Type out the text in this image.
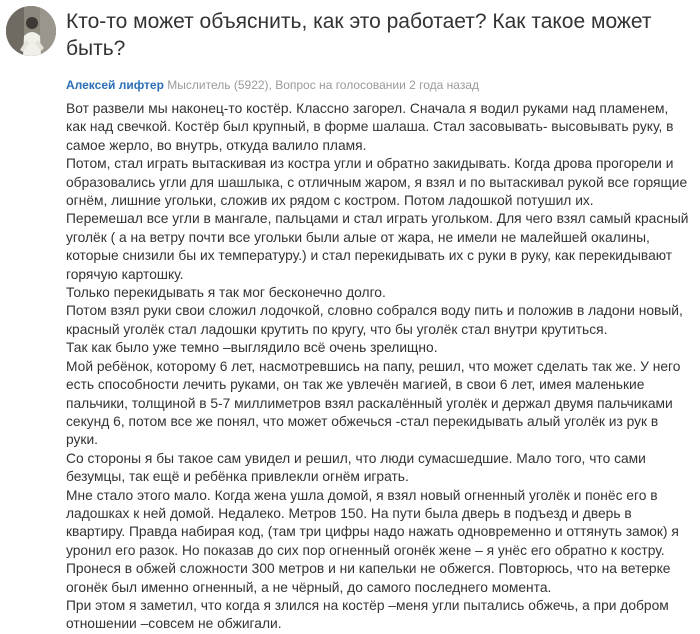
Кто-то может объяснить, как это работает? Как такое может быть?
Алексей лифтер Мыслитель (5922), Вопрос на голосовании 2 года назад

Вот развели мы наконец-то костёр. Классно загорел. Сначала я водил руками над пламенем, как над свечкой. Костёр был крупный, в форме шалаша. Стал засовывать- высовывать руку, в самое жерло, во внутрь, откуда валило пламя.

Потом, стал играть вытаскивая из костра угли и обратно закидывать. Когда дрова прогорели и образовались угли для шашлыка, с отличным жаром, я взял и по вытаскивал рукой все горящие огнём, лишние угольки, сложив их рядом с костром. Потом ладошкой потушил их.

Перемешал все угли в мангале, пальцами и стал играть угольком. Для чего взял самый красный уголёк ( а на ветру почти все угольки были алые от жара, не имели не малейшей окалины, которые снизили бы их температуру.) и стал перекидывать их с руки в руку, как перекидывают горячую картошку.

Только перекидывать я так мог бесконечно долго.

Потом взял руки свои сложил лодочкой, словно собрался воду пить и положив в ладони новый, красный уголёк стал ладошки крутить по кругу, что бы уголёк стал внутри крутиться.

Так как было уже темно –выглядило всё очень зрелищно.

Мой ребёнок, которому 6 лет, насмотревшись на папу, решил, что может сделать так же. У него есть способности лечить руками, он так же увлечён магией, в свои 6 лет, имея маленькие пальчики, толщиной в 5-7 миллиметров взял раскалённый уголёк и держал двумя пальчиками секунд 6, потом все же понял, что может обжечься -стал перекидывать алый уголёк из рук в руки.

Со стороны я бы такое сам увидел и решил, что люди сумасшедшие. Мало того, что сами безумцы, так ещё и ребёнка привлекли огнём играть.

Мне стало этого мало. Когда жена ушла домой, я взял новый огненный уголёк и понёс его в ладошках к ней домой. Недалеко. Метров 150. На пути была дверь в подъезд и дверь в квартиру. Правда набирая код, (там три цифры надо нажать одновременно и оттянуть замок) я уронил его разок. Но показав до сих пор огненный огонёк жене – я унёс его обратно к костру. Пронеся в обжей сложности 300 метров и ни капельки не обжегся. Повторюсь, что на ветерке огонёк был именно огненный, а не чёрный, до самого последнего момента.

При этом я заметил, что когда я злился на костёр –меня угли пытались обжечь, а при добром отношении –совсем не обжигали.
